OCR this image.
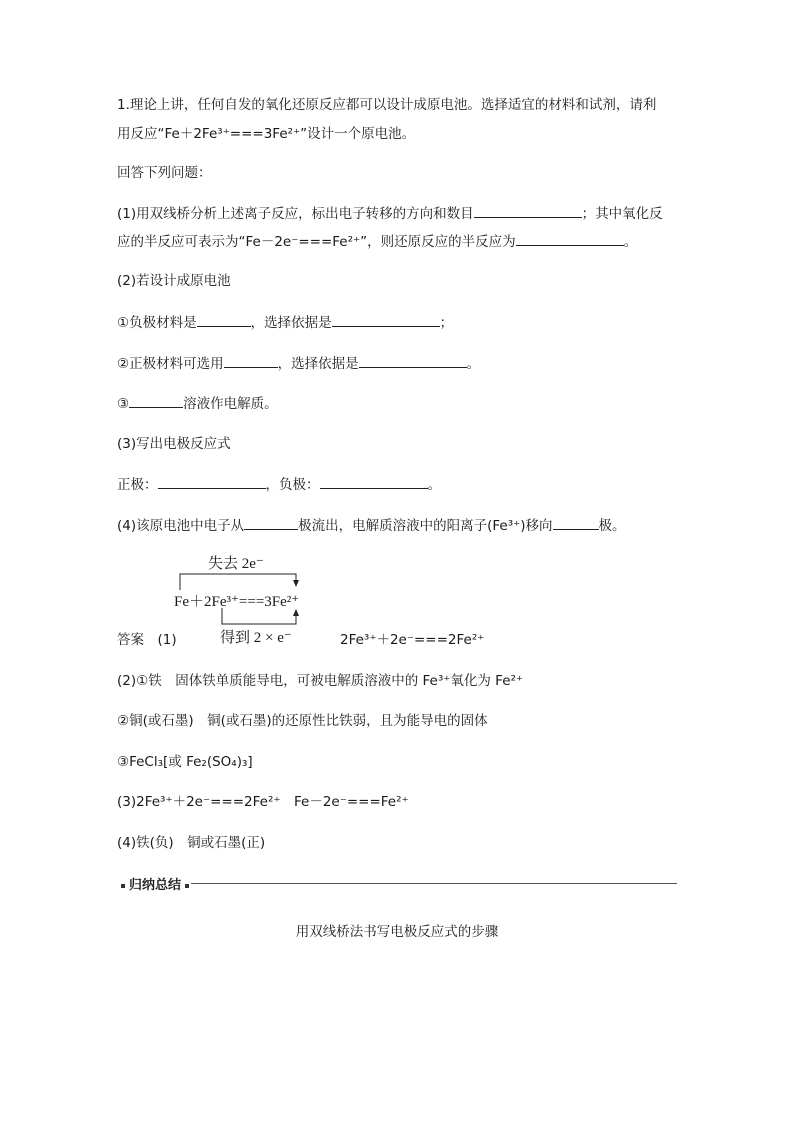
1.理论上讲，任何自发的氧化还原反应都可以设计成原电池。选择适宜的材料和试剂，请利
用反应“Fe＋2Fe³⁺===3Fe²⁺”设计一个原电池。
回答下列问题：
(1)用双线桥分析上述离子反应，标出电子转移的方向和数目	；其中氧化反
应的半反应可表示为“Fe－2e⁻===Fe²⁺”，则还原反应的半反应为	。
(2)若设计成原电池
①负极材料是	，选择依据是	；
②正极材料可选用	，选择依据是	。
③	溶液作电解质。
(3)写出电极反应式
正极：	，负极：	。
(4)该原电池中电子从	极流出，电解质溶液中的阳离子(Fe³⁺)移向	极。
失去 2e⁻
Fe＋2Fe³⁺===3Fe²⁺
得到 2 × e⁻
答案　(1)	2Fe³⁺＋2e⁻===2Fe²⁺
(2)①铁　固体铁单质能导电，可被电解质溶液中的 Fe³⁺氧化为 Fe²⁺
②铜(或石墨)　铜(或石墨)的还原性比铁弱，且为能导电的固体
③FeCl₃[或 Fe₂(SO₄)₃]
(3)2Fe³⁺＋2e⁻===2Fe²⁺　Fe－2e⁻===Fe²⁺
(4)铁(负)　铜或石墨(正)
归纳总结
用双线桥法书写电极反应式的步骤
